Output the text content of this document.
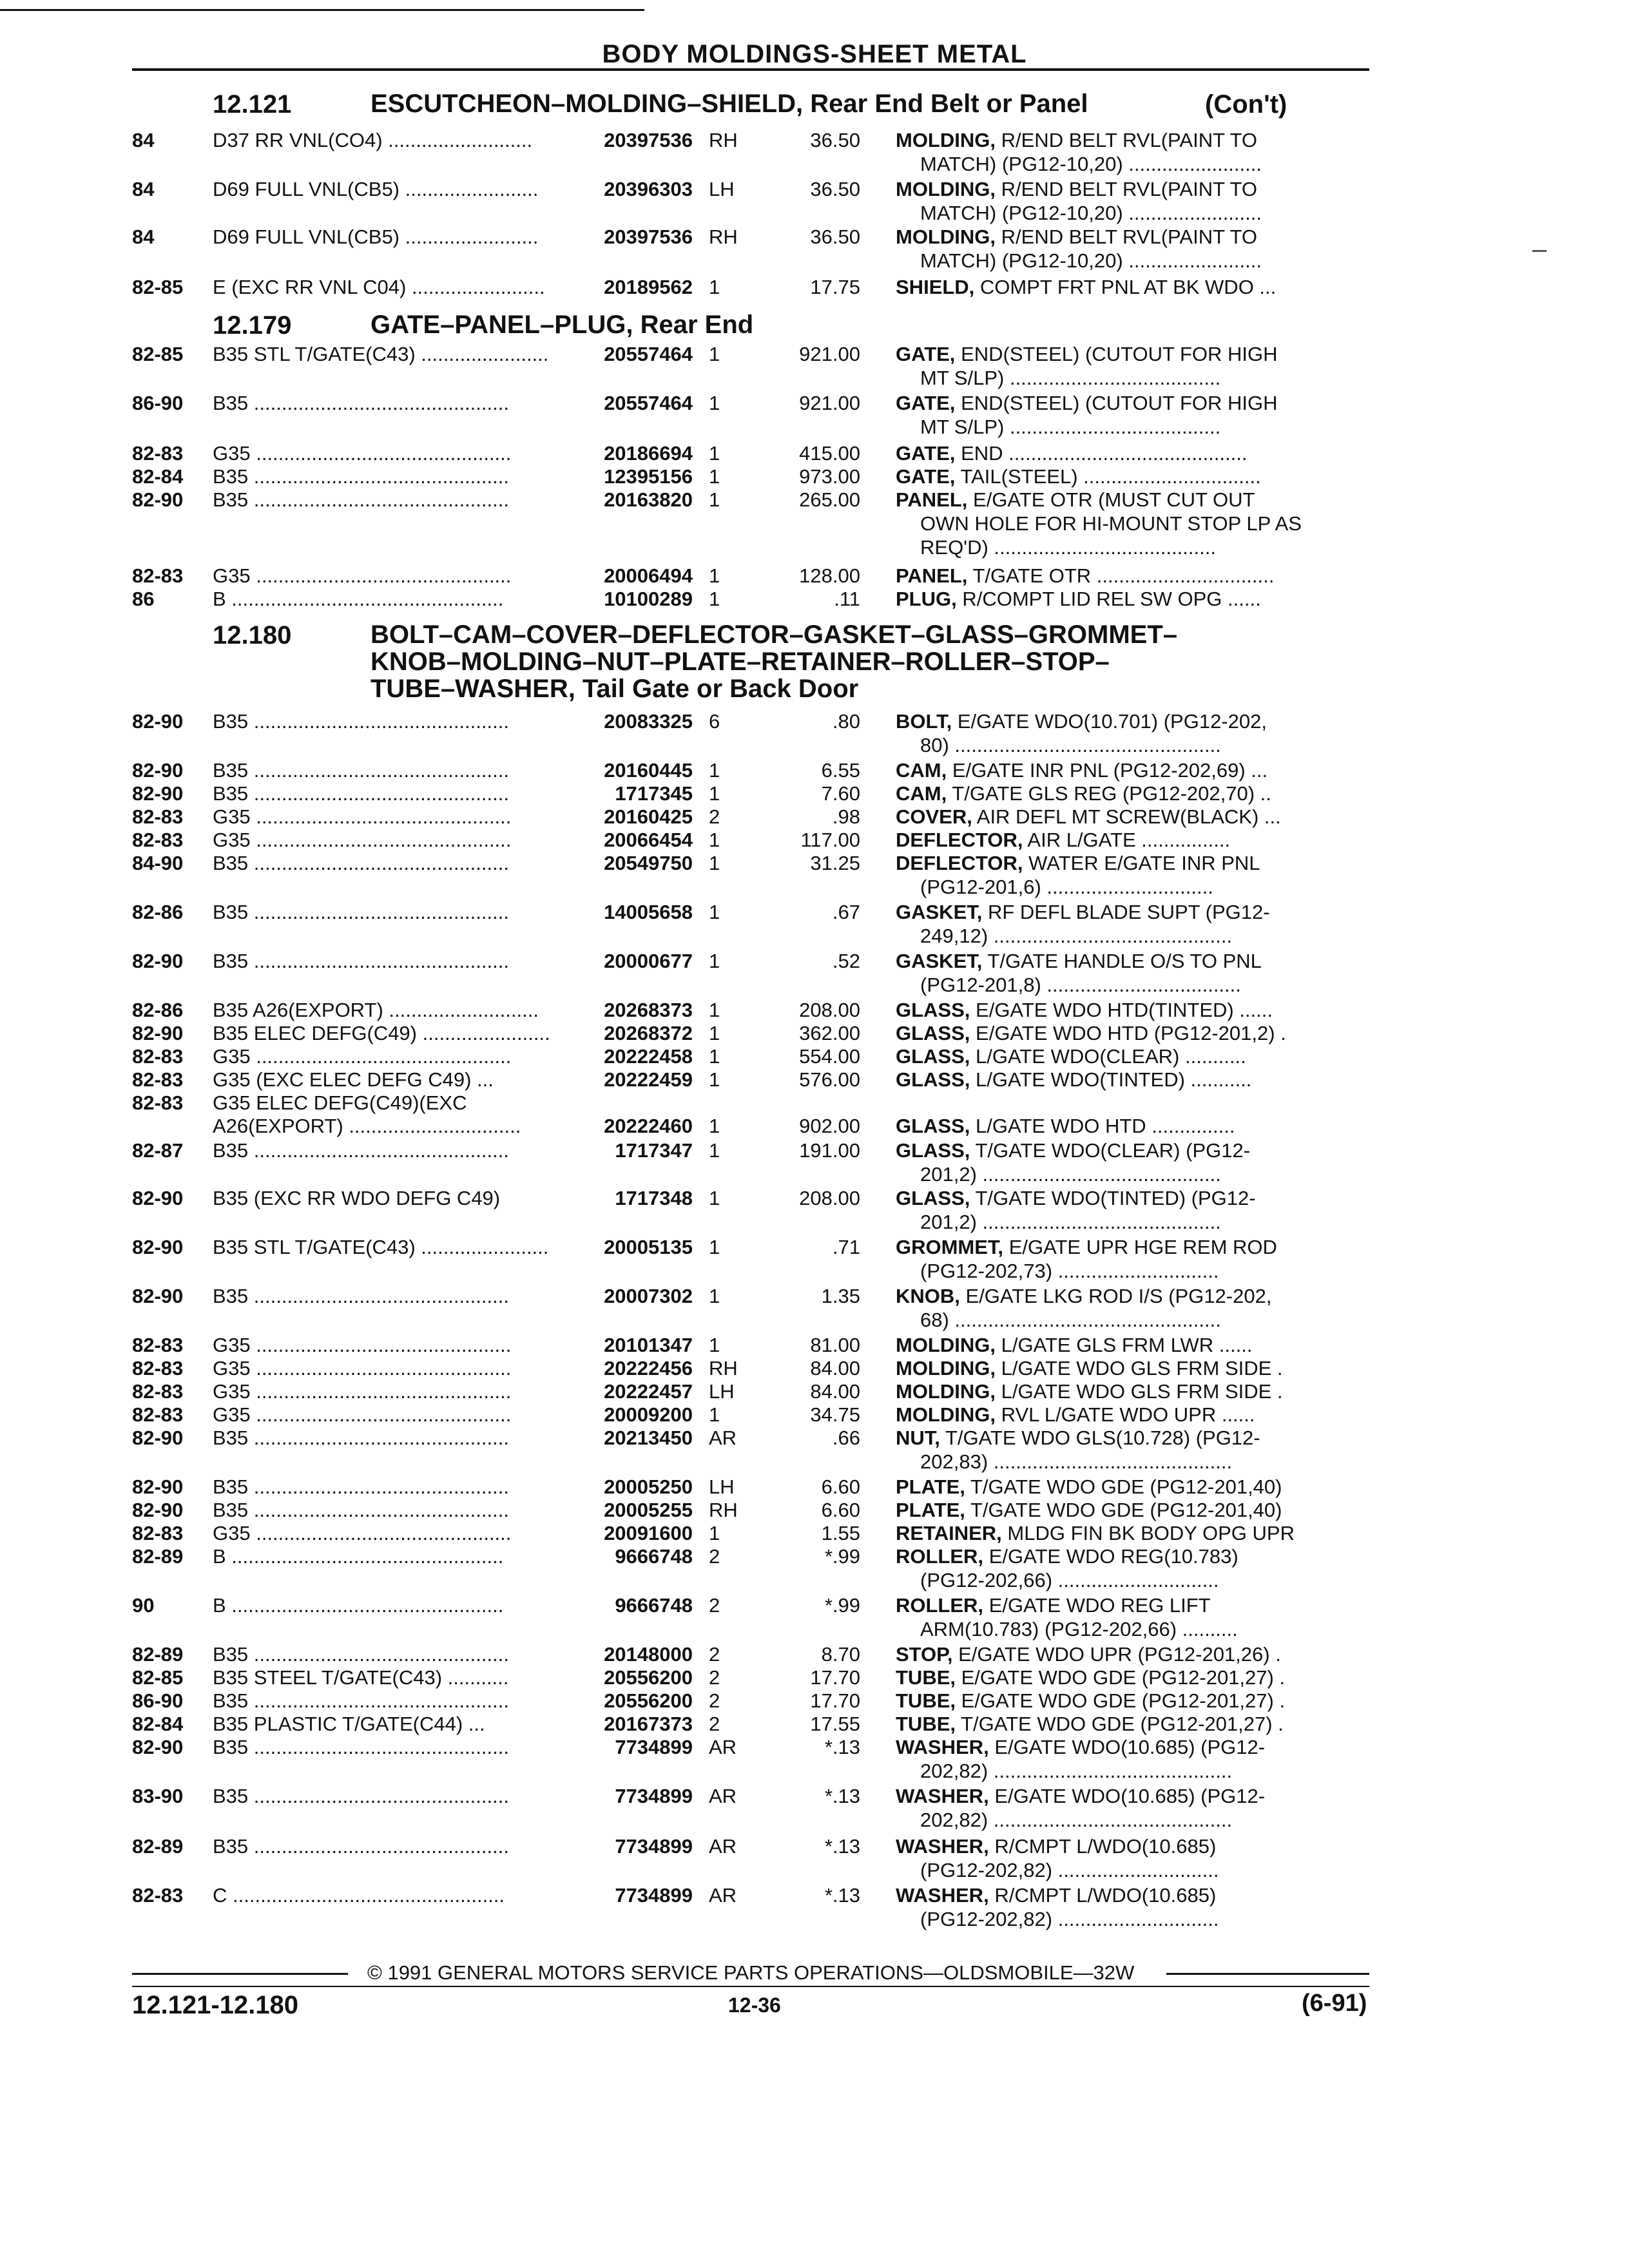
BODY MOLDINGS-SHEET METAL
12.121	ESCUTCHEON–MOLDING–SHIELD, Rear End Belt or Panel	(Con't)
12.179	GATE–PANEL–PLUG, Rear End
12.180	BOLT–CAM–COVER–DEFLECTOR–GASKET–GLASS–GROMMET–
KNOB–MOLDING–NUT–PLATE–RETAINER–ROLLER–STOP–
TUBE–WASHER, Tail Gate or Back Door
84	D37 RR VNL(CO4) ..........................	20397536 RH	36.50 MOLDING, R/END BELT RVL(PAINT TO
MATCH) (PG12-10,20) ........................
84	D69 FULL VNL(CB5) ........................	20396303 LH	36.50 MOLDING, R/END BELT RVL(PAINT TO
MATCH) (PG12-10,20) ........................
84	D69 FULL VNL(CB5) ........................	20397536 RH	36.50 MOLDING, R/END BELT RVL(PAINT TO
MATCH) (PG12-10,20) ........................
82-85 E (EXC RR VNL C04) ........................	20189562 1	17.75 SHIELD, COMPT FRT PNL AT BK WDO ...
82-85 B35 STL T/GATE(C43) .......................	20557464 1	921.00 GATE, END(STEEL) (CUTOUT FOR HIGH
MT S/LP) ......................................
86-90 B35 ..............................................	20557464 1	921.00 GATE, END(STEEL) (CUTOUT FOR HIGH
MT S/LP) ......................................
82-83 G35 ..............................................	20186694 1	415.00 GATE, END ...........................................
82-84 B35 ..............................................	12395156 1	973.00 GATE, TAIL(STEEL) ................................
82-90 B35 ..............................................	20163820 1	265.00 PANEL, E/GATE OTR (MUST CUT OUT
OWN HOLE FOR HI-MOUNT STOP LP AS
REQ'D) ........................................
82-83 G35 ..............................................	20006494 1	128.00 PANEL, T/GATE OTR ................................
86	B .................................................	10100289 1	.11 PLUG, R/COMPT LID REL SW OPG ......
82-90 B35 ..............................................	20083325 6	.80 BOLT, E/GATE WDO(10.701) (PG12-202,
80) ................................................
82-90 B35 ..............................................	20160445 1	6.55 CAM, E/GATE INR PNL (PG12-202,69) ...
82-90 B35 ..............................................	1717345 1	7.60 CAM, T/GATE GLS REG (PG12-202,70) ..
82-83 G35 ..............................................	20160425 2	.98 COVER, AIR DEFL MT SCREW(BLACK) ...
82-83 G35 ..............................................	20066454 1	117.00 DEFLECTOR, AIR L/GATE ................
84-90 B35 ..............................................	20549750 1	31.25 DEFLECTOR, WATER E/GATE INR PNL
(PG12-201,6) ..............................
82-86 B35 ..............................................	14005658 1	.67 GASKET, RF DEFL BLADE SUPT (PG12-
249,12) ...........................................
82-90 B35 ..............................................	20000677 1	.52 GASKET, T/GATE HANDLE O/S TO PNL
(PG12-201,8) ...................................
82-86 B35 A26(EXPORT) ...........................	20268373 1	208.00 GLASS, E/GATE WDO HTD(TINTED) ......
82-90 B35 ELEC DEFG(C49) .......................	20268372 1	362.00 GLASS, E/GATE WDO HTD (PG12-201,2) .
82-83 G35 ..............................................	20222458 1	554.00 GLASS, L/GATE WDO(CLEAR) ...........
82-83 G35 (EXC ELEC DEFG C49) ...	20222459 1	576.00 GLASS, L/GATE WDO(TINTED) ...........
82-83 G35 ELEC DEFG(C49)(EXC
A26(EXPORT) ...............................	20222460 1	902.00 GLASS, L/GATE WDO HTD ...............
82-87 B35 ..............................................	1717347 1	191.00 GLASS, T/GATE WDO(CLEAR) (PG12-
201,2) ...........................................
82-90 B35 (EXC RR WDO DEFG C49)	1717348 1	208.00 GLASS, T/GATE WDO(TINTED) (PG12-
201,2) ...........................................
82-90 B35 STL T/GATE(C43) .......................	20005135 1	.71 GROMMET, E/GATE UPR HGE REM ROD
(PG12-202,73) .............................
82-90 B35 ..............................................	20007302 1	1.35 KNOB, E/GATE LKG ROD I/S (PG12-202,
68) ................................................
82-83 G35 ..............................................	20101347 1	81.00 MOLDING, L/GATE GLS FRM LWR ......
82-83 G35 ..............................................	20222456 RH	84.00 MOLDING, L/GATE WDO GLS FRM SIDE .
82-83 G35 ..............................................	20222457 LH	84.00 MOLDING, L/GATE WDO GLS FRM SIDE .
82-83 G35 ..............................................	20009200 1	34.75 MOLDING, RVL L/GATE WDO UPR ......
82-90 B35 ..............................................	20213450 AR	.66 NUT, T/GATE WDO GLS(10.728) (PG12-
202,83) ...........................................
82-90 B35 ..............................................	20005250 LH	6.60 PLATE, T/GATE WDO GDE (PG12-201,40)
82-90 B35 ..............................................	20005255 RH	6.60 PLATE, T/GATE WDO GDE (PG12-201,40)
82-83 G35 ..............................................	20091600 1	1.55 RETAINER, MLDG FIN BK BODY OPG UPR
82-89 B .................................................	9666748 2	*.99 ROLLER, E/GATE WDO REG(10.783)
(PG12-202,66) .............................
90	B .................................................	9666748 2	*.99 ROLLER, E/GATE WDO REG LIFT
ARM(10.783) (PG12-202,66) ..........
82-89 B35 ..............................................	20148000 2	8.70 STOP, E/GATE WDO UPR (PG12-201,26) .
82-85 B35 STEEL T/GATE(C43) ...........	20556200 2	17.70 TUBE, E/GATE WDO GDE (PG12-201,27) .
86-90 B35 ..............................................	20556200 2	17.70 TUBE, E/GATE WDO GDE (PG12-201,27) .
82-84 B35 PLASTIC T/GATE(C44) ...	20167373 2	17.55 TUBE, T/GATE WDO GDE (PG12-201,27) .
82-90 B35 ..............................................	7734899 AR	*.13 WASHER, E/GATE WDO(10.685) (PG12-
202,82) ...........................................
83-90 B35 ..............................................	7734899 AR	*.13 WASHER, E/GATE WDO(10.685) (PG12-
202,82) ...........................................
82-89 B35 ..............................................	7734899 AR	*.13 WASHER, R/CMPT L/WDO(10.685)
(PG12-202,82) .............................
82-83 C .................................................	7734899 AR	*.13 WASHER, R/CMPT L/WDO(10.685)
(PG12-202,82) .............................
© 1991 GENERAL MOTORS SERVICE PARTS OPERATIONS—OLDSMOBILE—32W
12.121-12.180	12-36	(6-91)
